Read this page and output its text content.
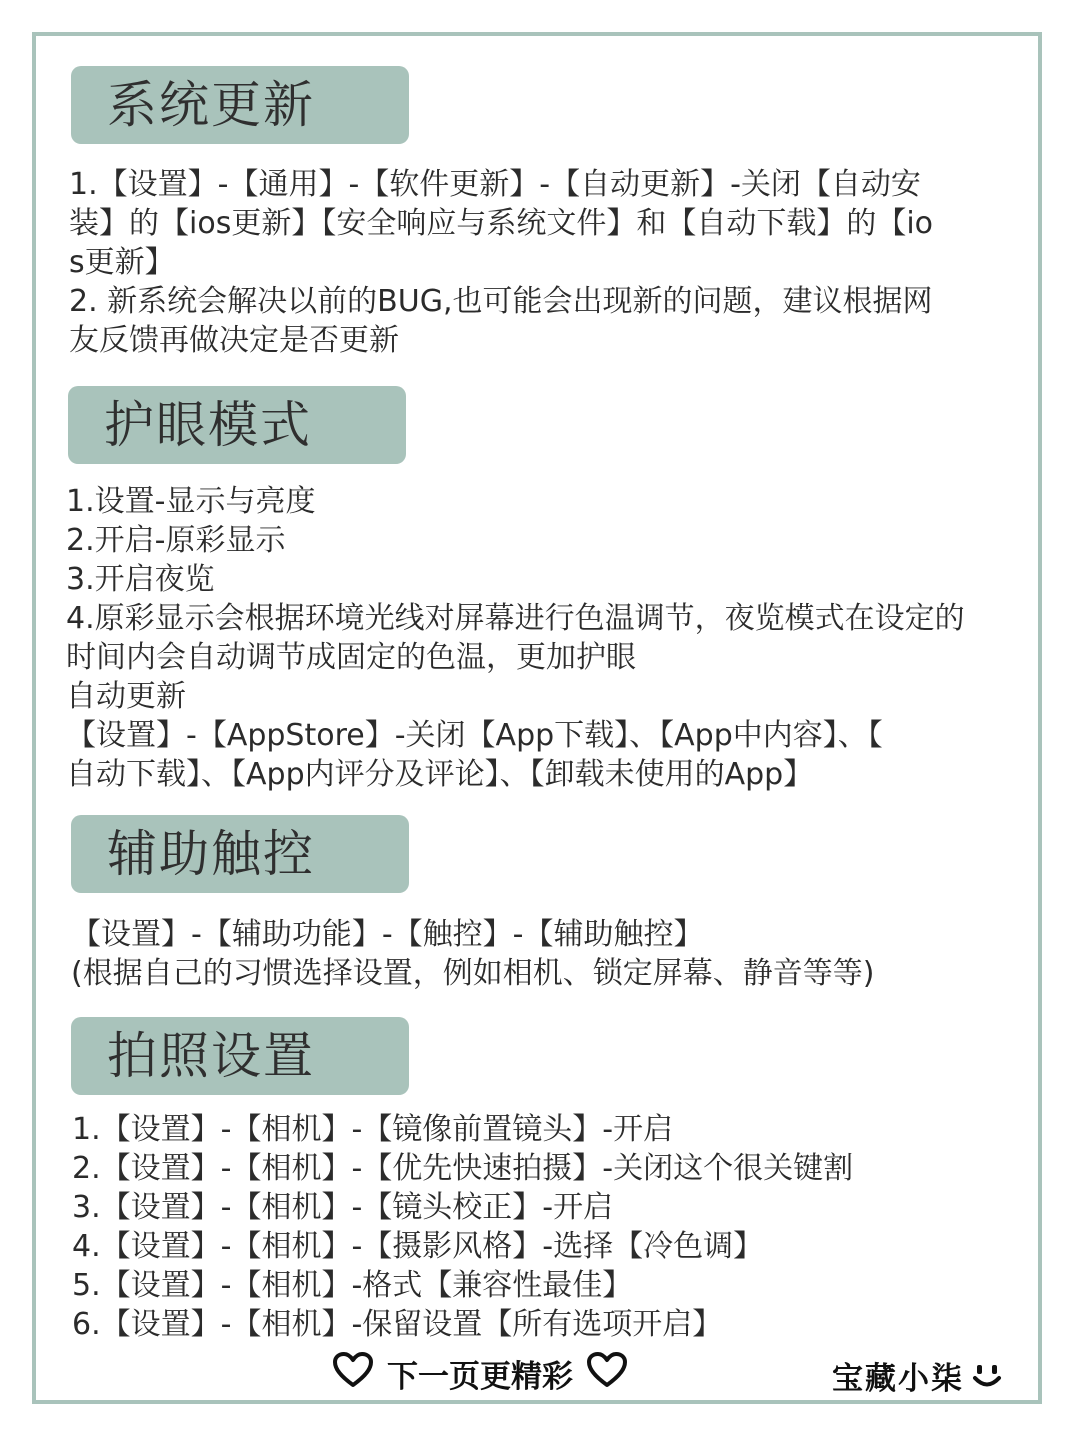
系统更新
1.【设置】-【通用】-【软件更新】-【自动更新】-关闭【自动安
装】的【ios更新】【安全响应与系统文件】和【自动下载】的【io
s更新】
2. 新系统会解决以前的BUG,也可能会出现新的问题，建议根据网
友反馈再做决定是否更新
护眼模式
1.设置-显示与亮度
2.开启-原彩显示
3.开启夜览
4.原彩显示会根据环境光线对屏幕进行色温调节，夜览模式在设定的
时间内会自动调节成固定的色温，更加护眼
自动更新
【设置】-【AppStore】-关闭【App下载】、【App中内容】、【
自动下载】、【App内评分及评论】、【卸载未使用的App】
辅助触控
【设置】-【辅助功能】-【触控】-【辅助触控】
(根据自己的习惯选择设置，例如相机、锁定屏幕、静音等等)
拍照设置
1.【设置】-【相机】-【镜像前置镜头】-开启
2.【设置】-【相机】-【优先快速拍摄】-关闭这个很关键割
3.【设置】-【相机】-【镜头校正】-开启
4.【设置】-【相机】-【摄影风格】-选择【冷色调】
5.【设置】-【相机】-格式【兼容性最佳】
6.【设置】-【相机】-保留设置【所有选项开启】
下一页更精彩	宝藏小柒
